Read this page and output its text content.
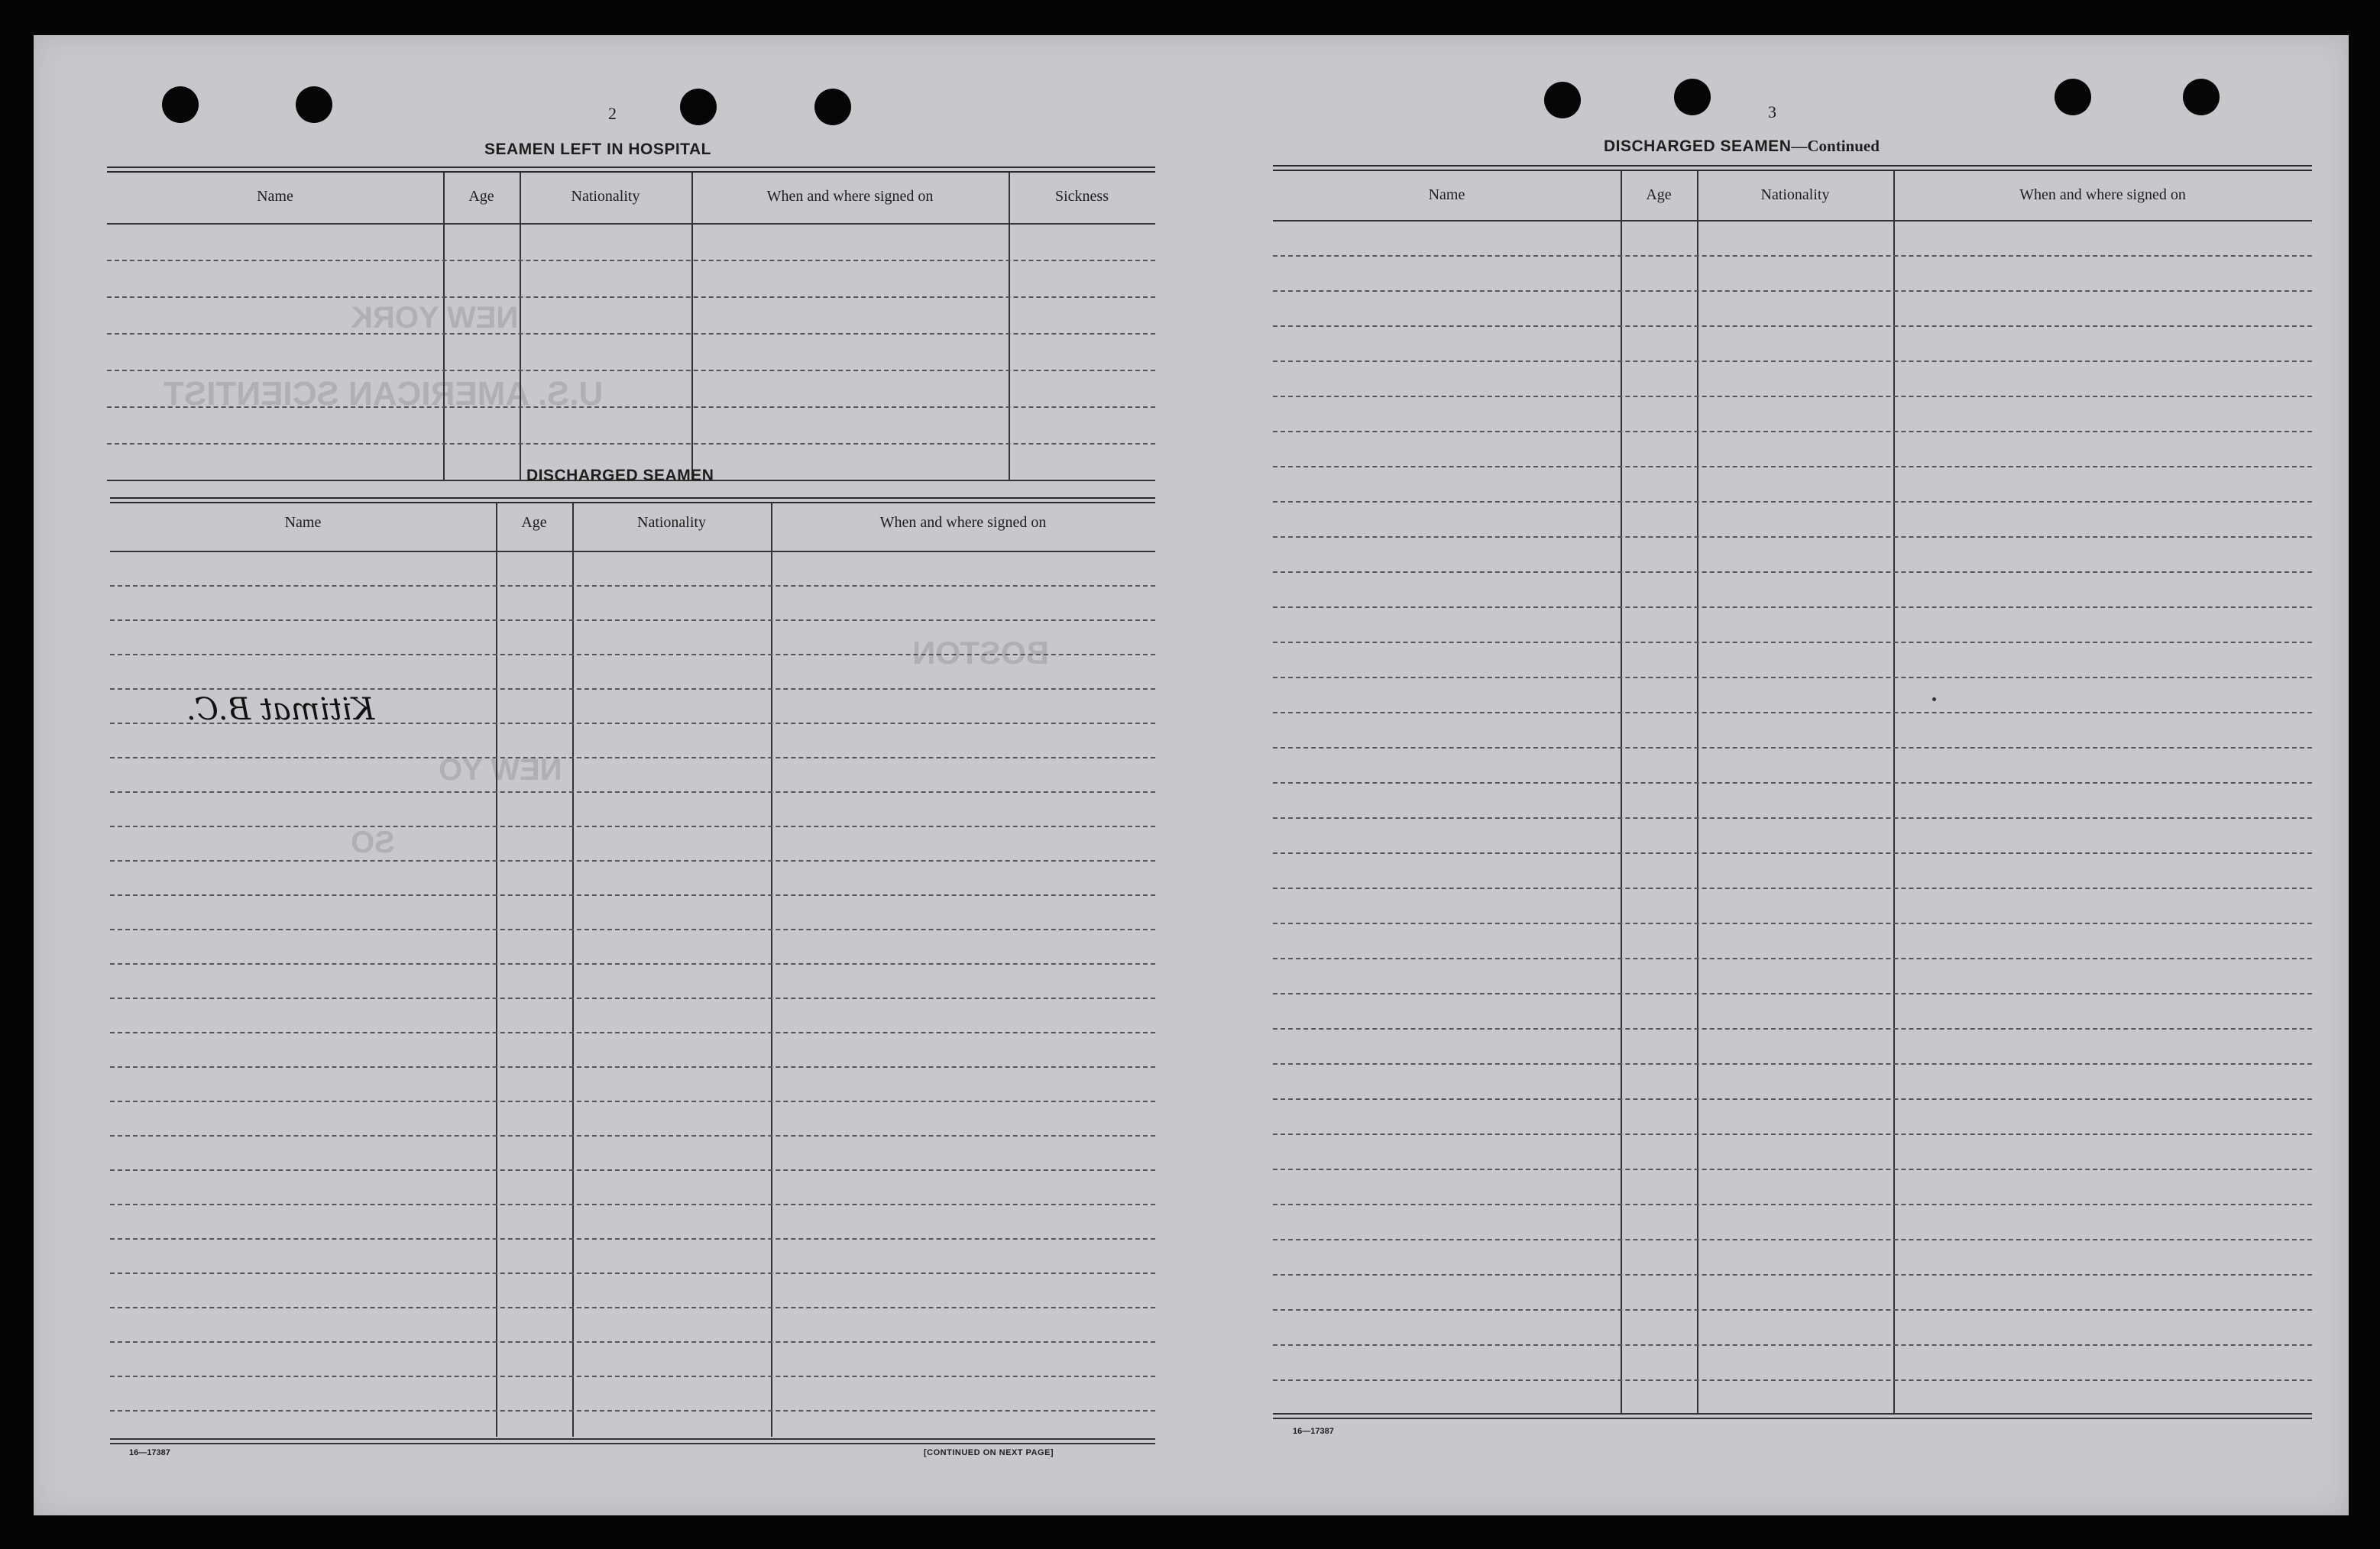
NEW YORK
U.S. AMERICAN SCIENTIST
BOSTON
NEW YO
SO
2
SEAMEN LEFT IN HOSPITAL
Name	Age	Nationality	When and where signed on	Sickness
DISCHARGED SEAMEN
Name	Age	Nationality	When and where signed on
Kitimat B.C.
16—17387	[CONTINUED ON NEXT PAGE]
3
DISCHARGED SEAMEN—Continued
Name	Age	Nationality	When and where signed on
16—17387
